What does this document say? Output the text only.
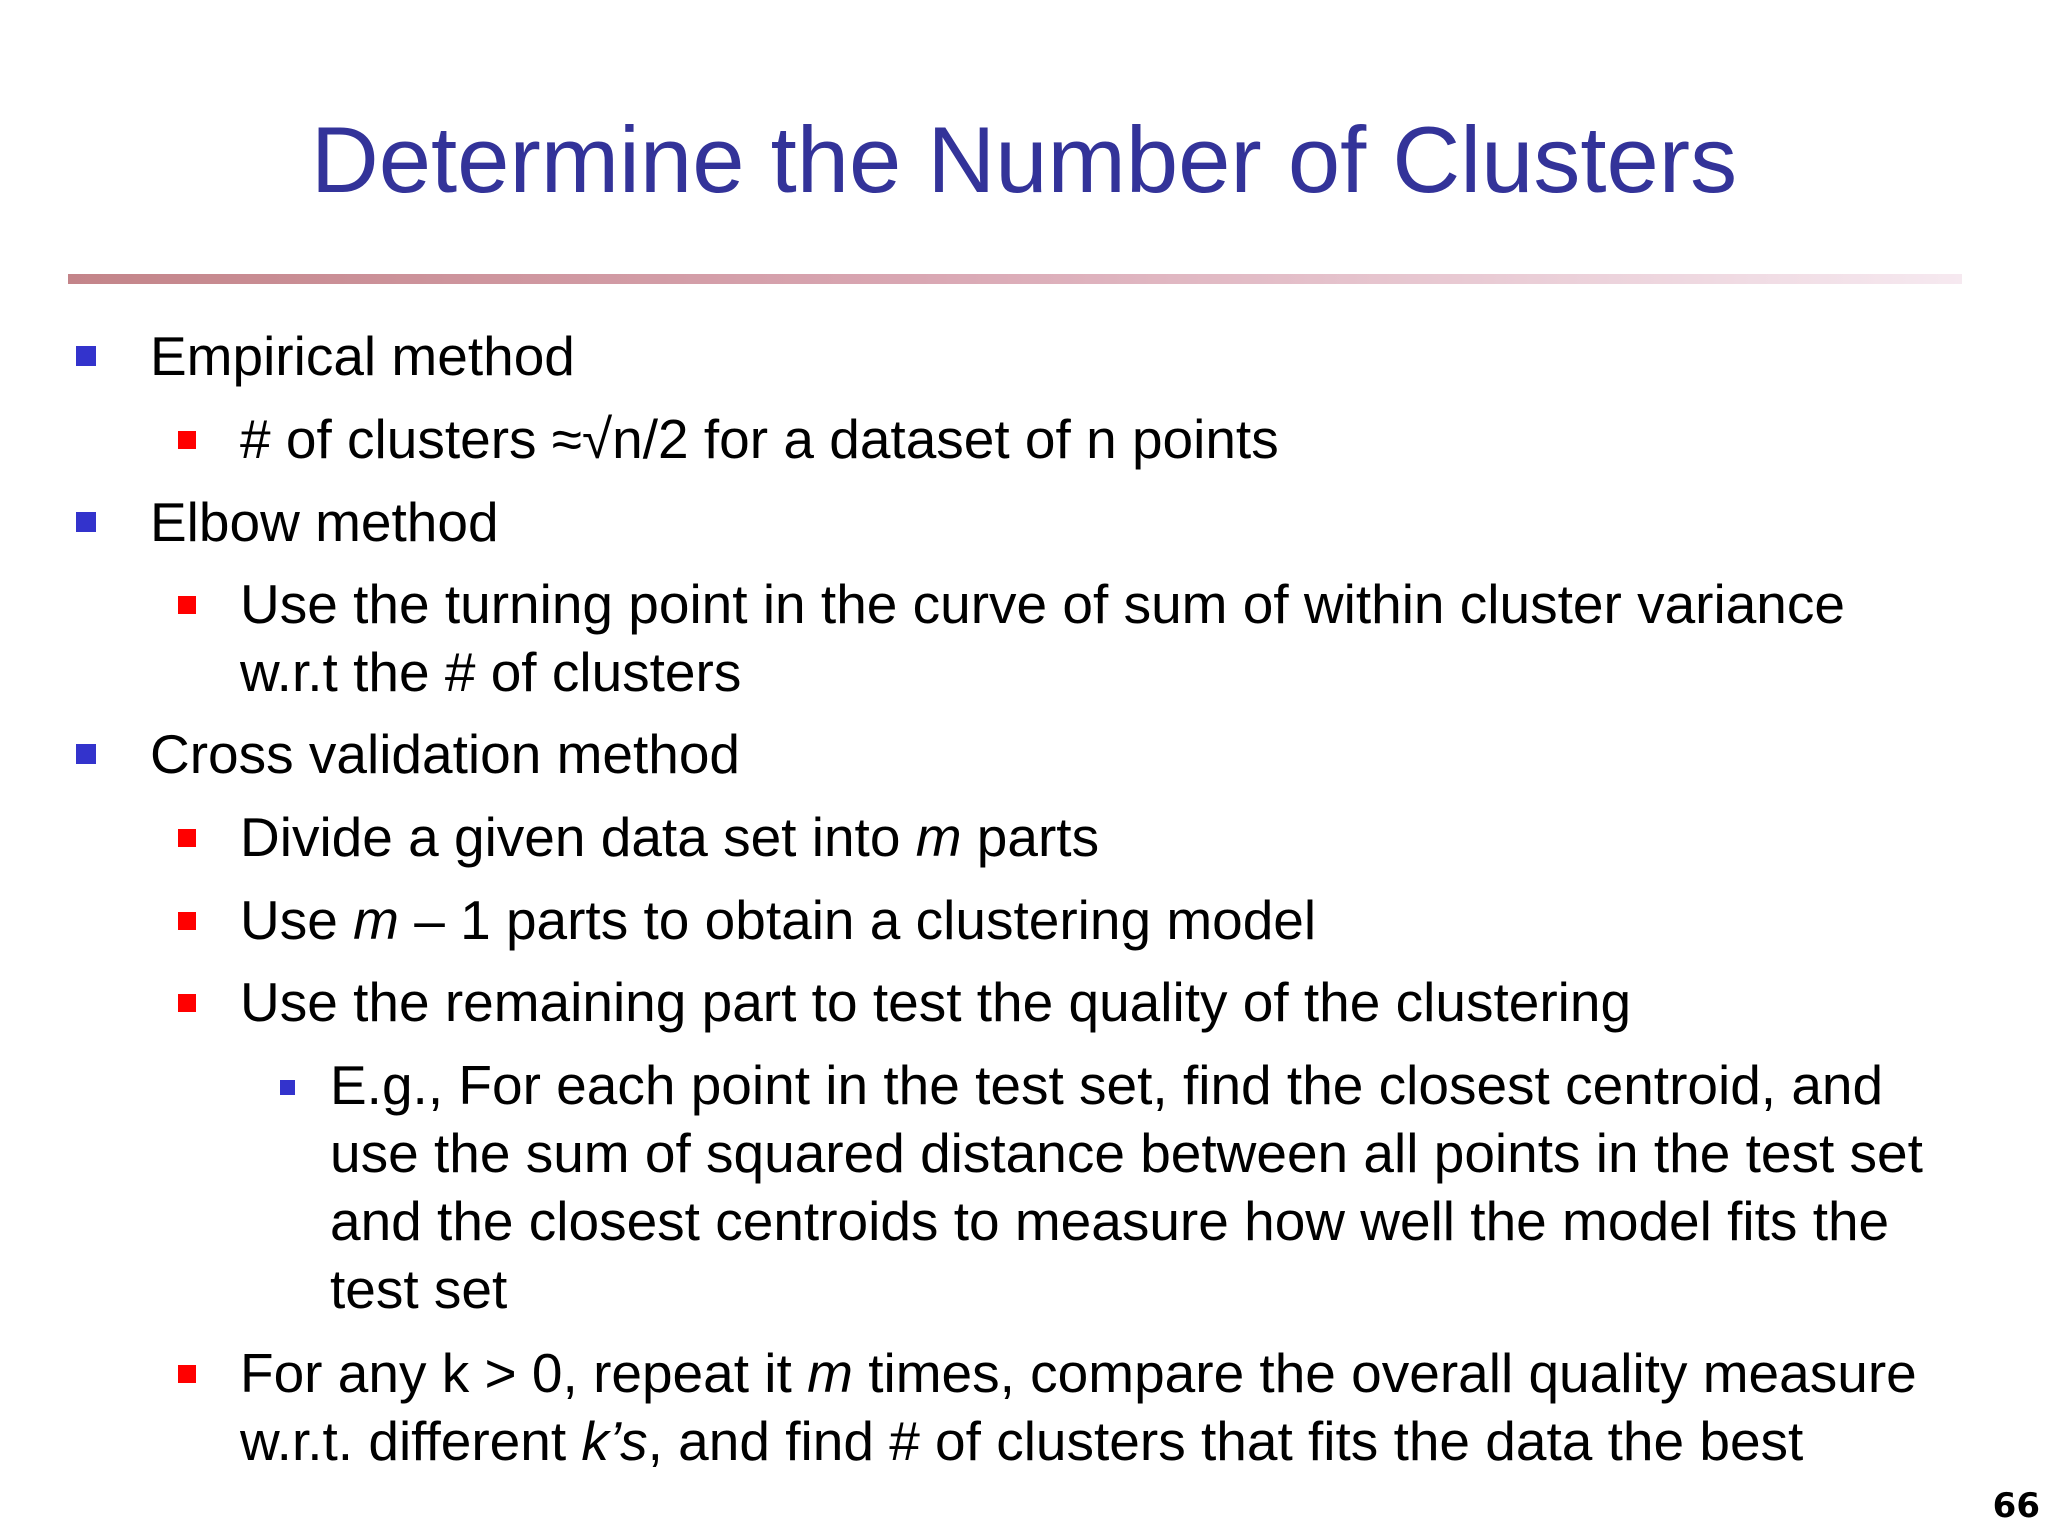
Determine the Number of Clusters
Empirical method
# of clusters ≈√n/2 for a dataset of n points
Elbow method
Use the turning point in the curve of sum of within cluster variance
w.r.t the # of clusters
Cross validation method
Divide a given data set into m parts
Use m – 1 parts to obtain a clustering model
Use the remaining part to test the quality of the clustering
E.g., For each point in the test set, find the closest centroid, and
use the sum of squared distance between all points in the test set
and the closest centroids to measure how well the model fits the
test set
For any k > 0, repeat it m times, compare the overall quality measure
w.r.t. different k’s, and find # of clusters that fits the data the best
66
